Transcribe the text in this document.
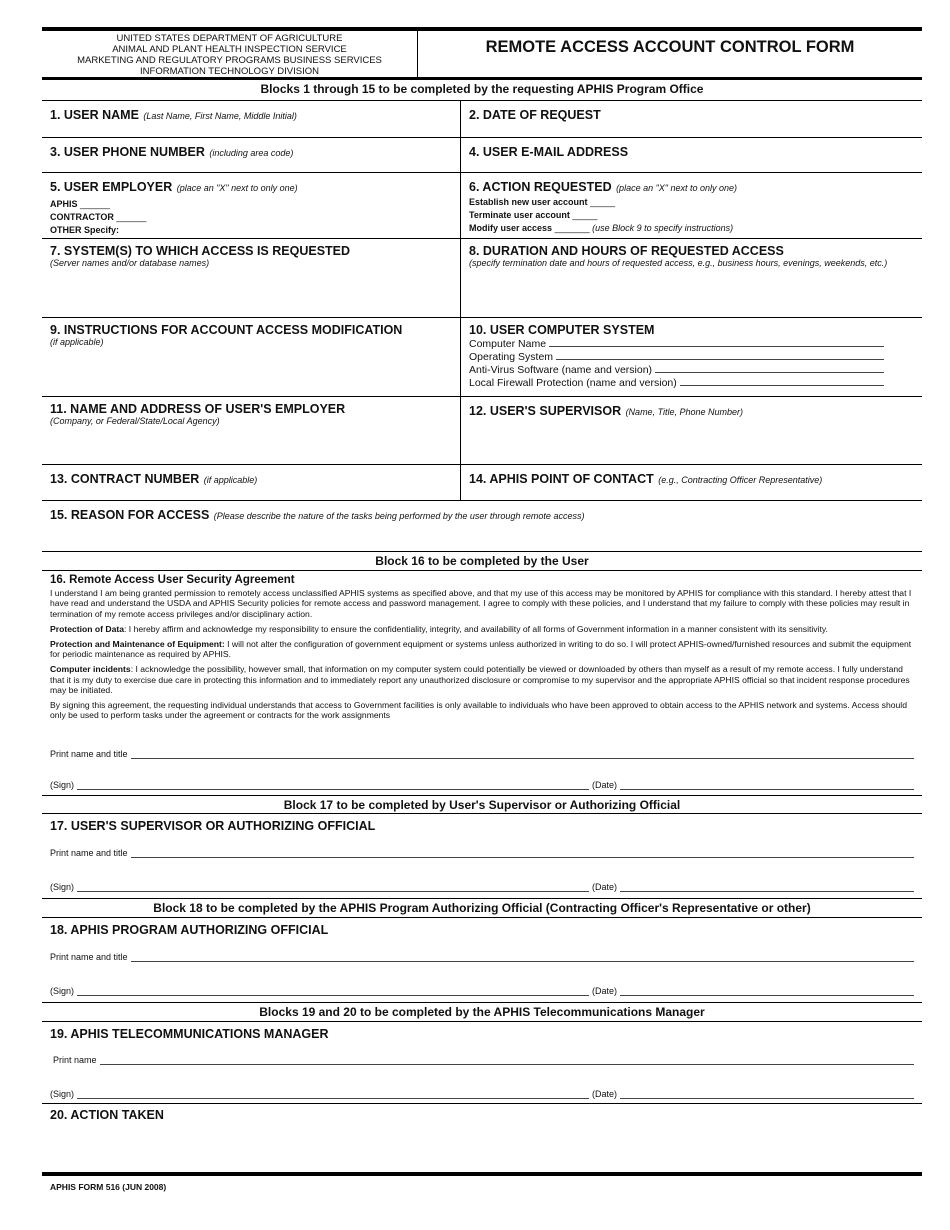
UNITED STATES DEPARTMENT OF AGRICULTURE
ANIMAL AND PLANT HEALTH INSPECTION SERVICE
MARKETING AND REGULATORY PROGRAMS BUSINESS SERVICES
INFORMATION TECHNOLOGY DIVISION
REMOTE ACCESS ACCOUNT CONTROL FORM
Blocks 1 through 15 to be completed by the requesting APHIS Program Office
1. USER NAME (Last Name, First Name, Middle Initial)	2. DATE OF REQUEST
3. USER PHONE NUMBER (including area code)	4. USER E-MAIL ADDRESS
5. USER EMPLOYER (place an "X" next to only one)
APHIS ______
CONTRACTOR ______
OTHER Specify:
6. ACTION REQUESTED (place an "X" next to only one)
Establish new user account _____
Terminate user account _____
Modify user access _______ (use Block 9 to specify instructions)
7. SYSTEM(S) TO WHICH ACCESS IS REQUESTED
(Server names and/or database names)
8. DURATION AND HOURS OF REQUESTED ACCESS
(specify termination date and hours of requested access, e.g., business hours, evenings, weekends, etc.)
9. INSTRUCTIONS FOR ACCOUNT ACCESS MODIFICATION
(if applicable)
10. USER COMPUTER SYSTEM
Computer Name
Operating System
Anti-Virus Software (name and version)
Local Firewall Protection (name and version)
11. NAME AND ADDRESS OF USER'S EMPLOYER
(Company, or Federal/State/Local Agency)
12. USER'S SUPERVISOR (Name, Title, Phone Number)
13. CONTRACT NUMBER (if applicable)	14. APHIS POINT OF CONTACT (e.g., Contracting Officer Representative)
15. REASON FOR ACCESS (Please describe the nature of the tasks being performed by the user through remote access)
Block 16 to be completed by the User
16. Remote Access User Security Agreement

I understand I am being granted permission to remotely access unclassified APHIS systems as specified above, and that my use of this access may be monitored by APHIS for compliance with this standard. I hereby attest that I have read and understand the USDA and APHIS Security policies for remote access and password management. I agree to comply with these policies, and I understand that my failure to comply with these policies may result in termination of my remote access privileges and/or disciplinary action.

Protection of Data: I hereby affirm and acknowledge my responsibility to ensure the confidentiality, integrity, and availability of all forms of Government information in a manner consistent with its sensitivity.

Protection and Maintenance of Equipment: I will not alter the configuration of government equipment or systems unless authorized in writing to do so. I will protect APHIS-owned/furnished resources and submit the equipment for periodic maintenance as required by APHIS.

Computer incidents: I acknowledge the possibility, however small, that information on my computer system could potentially be viewed or downloaded by others than myself as a result of my remote access. I fully understand that it is my duty to exercise due care in protecting this information and to immediately report any unauthorized disclosure or compromise to my supervisor and the appropriate APHIS official so that incident response procedures may be initiated.

By signing this agreement, the requesting individual understands that access to Government facilities is only available to individuals who have been approved to obtain access to the APHIS network and systems. Access should only be used to perform tasks under the agreement or contracts for the work assignments

Print name and title
(Sign)	(Date)
Block 17 to be completed by User's Supervisor or Authorizing Official
17. USER'S SUPERVISOR OR AUTHORIZING OFFICIAL
Print name and title
(Sign)	(Date)
Block 18 to be completed by the APHIS Program Authorizing Official (Contracting Officer's Representative or other)
18. APHIS PROGRAM AUTHORIZING OFFICIAL
Print name and title
(Sign)	(Date)
Blocks 19 and 20 to be completed by the APHIS Telecommunications Manager
19. APHIS TELECOMMUNICATIONS MANAGER
Print name
(Sign)	(Date)
20. ACTION TAKEN
APHIS FORM 516 (JUN 2008)
